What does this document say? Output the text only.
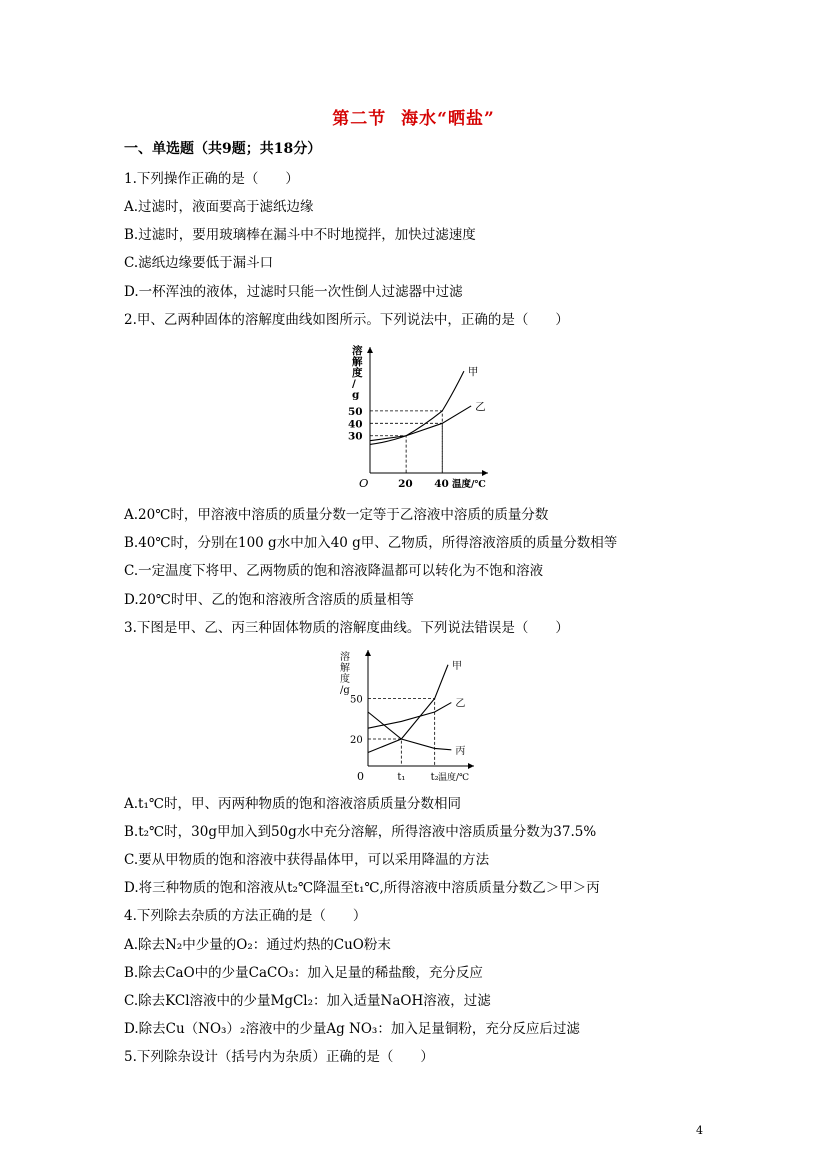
第二节 海水“晒盐”
一、单选题（共9题；共18分）
1.下列操作正确的是（　　）
A.过滤时，液面要高于滤纸边缘
B.过滤时，要用玻璃棒在漏斗中不时地搅拌，加快过滤速度
C.滤纸边缘要低于漏斗口
D.一杯浑浊的液体，过滤时只能一次性倒人过滤器中过滤
2.甲、乙两种固体的溶解度曲线如图所示。下列说法中，正确的是（　　）
溶解度/ g
O	温度/℃
20 40
30
40
50
甲
乙
A.20℃时，甲溶液中溶质的质量分数一定等于乙溶液中溶质的质量分数
B.40℃时，分别在100 g水中加入40 g甲、乙物质，所得溶液溶质的质量分数相等
C.一定温度下将甲、乙两物质的饱和溶液降温都可以转化为不饱和溶液
D.20℃时甲、乙的饱和溶液所含溶质的质量相等
3.下图是甲、乙、丙三种固体物质的溶解度曲线。下列说法错误是（　　）
溶解度/g
0	温度/℃
t₁	t₂
20
50
甲
乙
丙
A.t₁℃时，甲、丙两种物质的饱和溶液溶质质量分数相同
B.t₂℃时，30g甲加入到50g水中充分溶解，所得溶液中溶质质量分数为37.5%
C.要从甲物质的饱和溶液中获得晶体甲，可以采用降温的方法
D.将三种物质的饱和溶液从t₂℃降温至t₁℃,所得溶液中溶质质量分数乙＞甲＞丙
4.下列除去杂质的方法正确的是（　　）
A.除去N₂中少量的O₂：通过灼热的CuO粉末
B.除去CaO中的少量CaCO₃：加入足量的稀盐酸，充分反应
C.除去KCl溶液中的少量MgCl₂：加入适量NaOH溶液，过滤
D.除去Cu（NO₃）₂溶液中的少量Ag NO₃：加入足量铜粉，充分反应后过滤
5.下列除杂设计（括号内为杂质）正确的是（　　）
4
